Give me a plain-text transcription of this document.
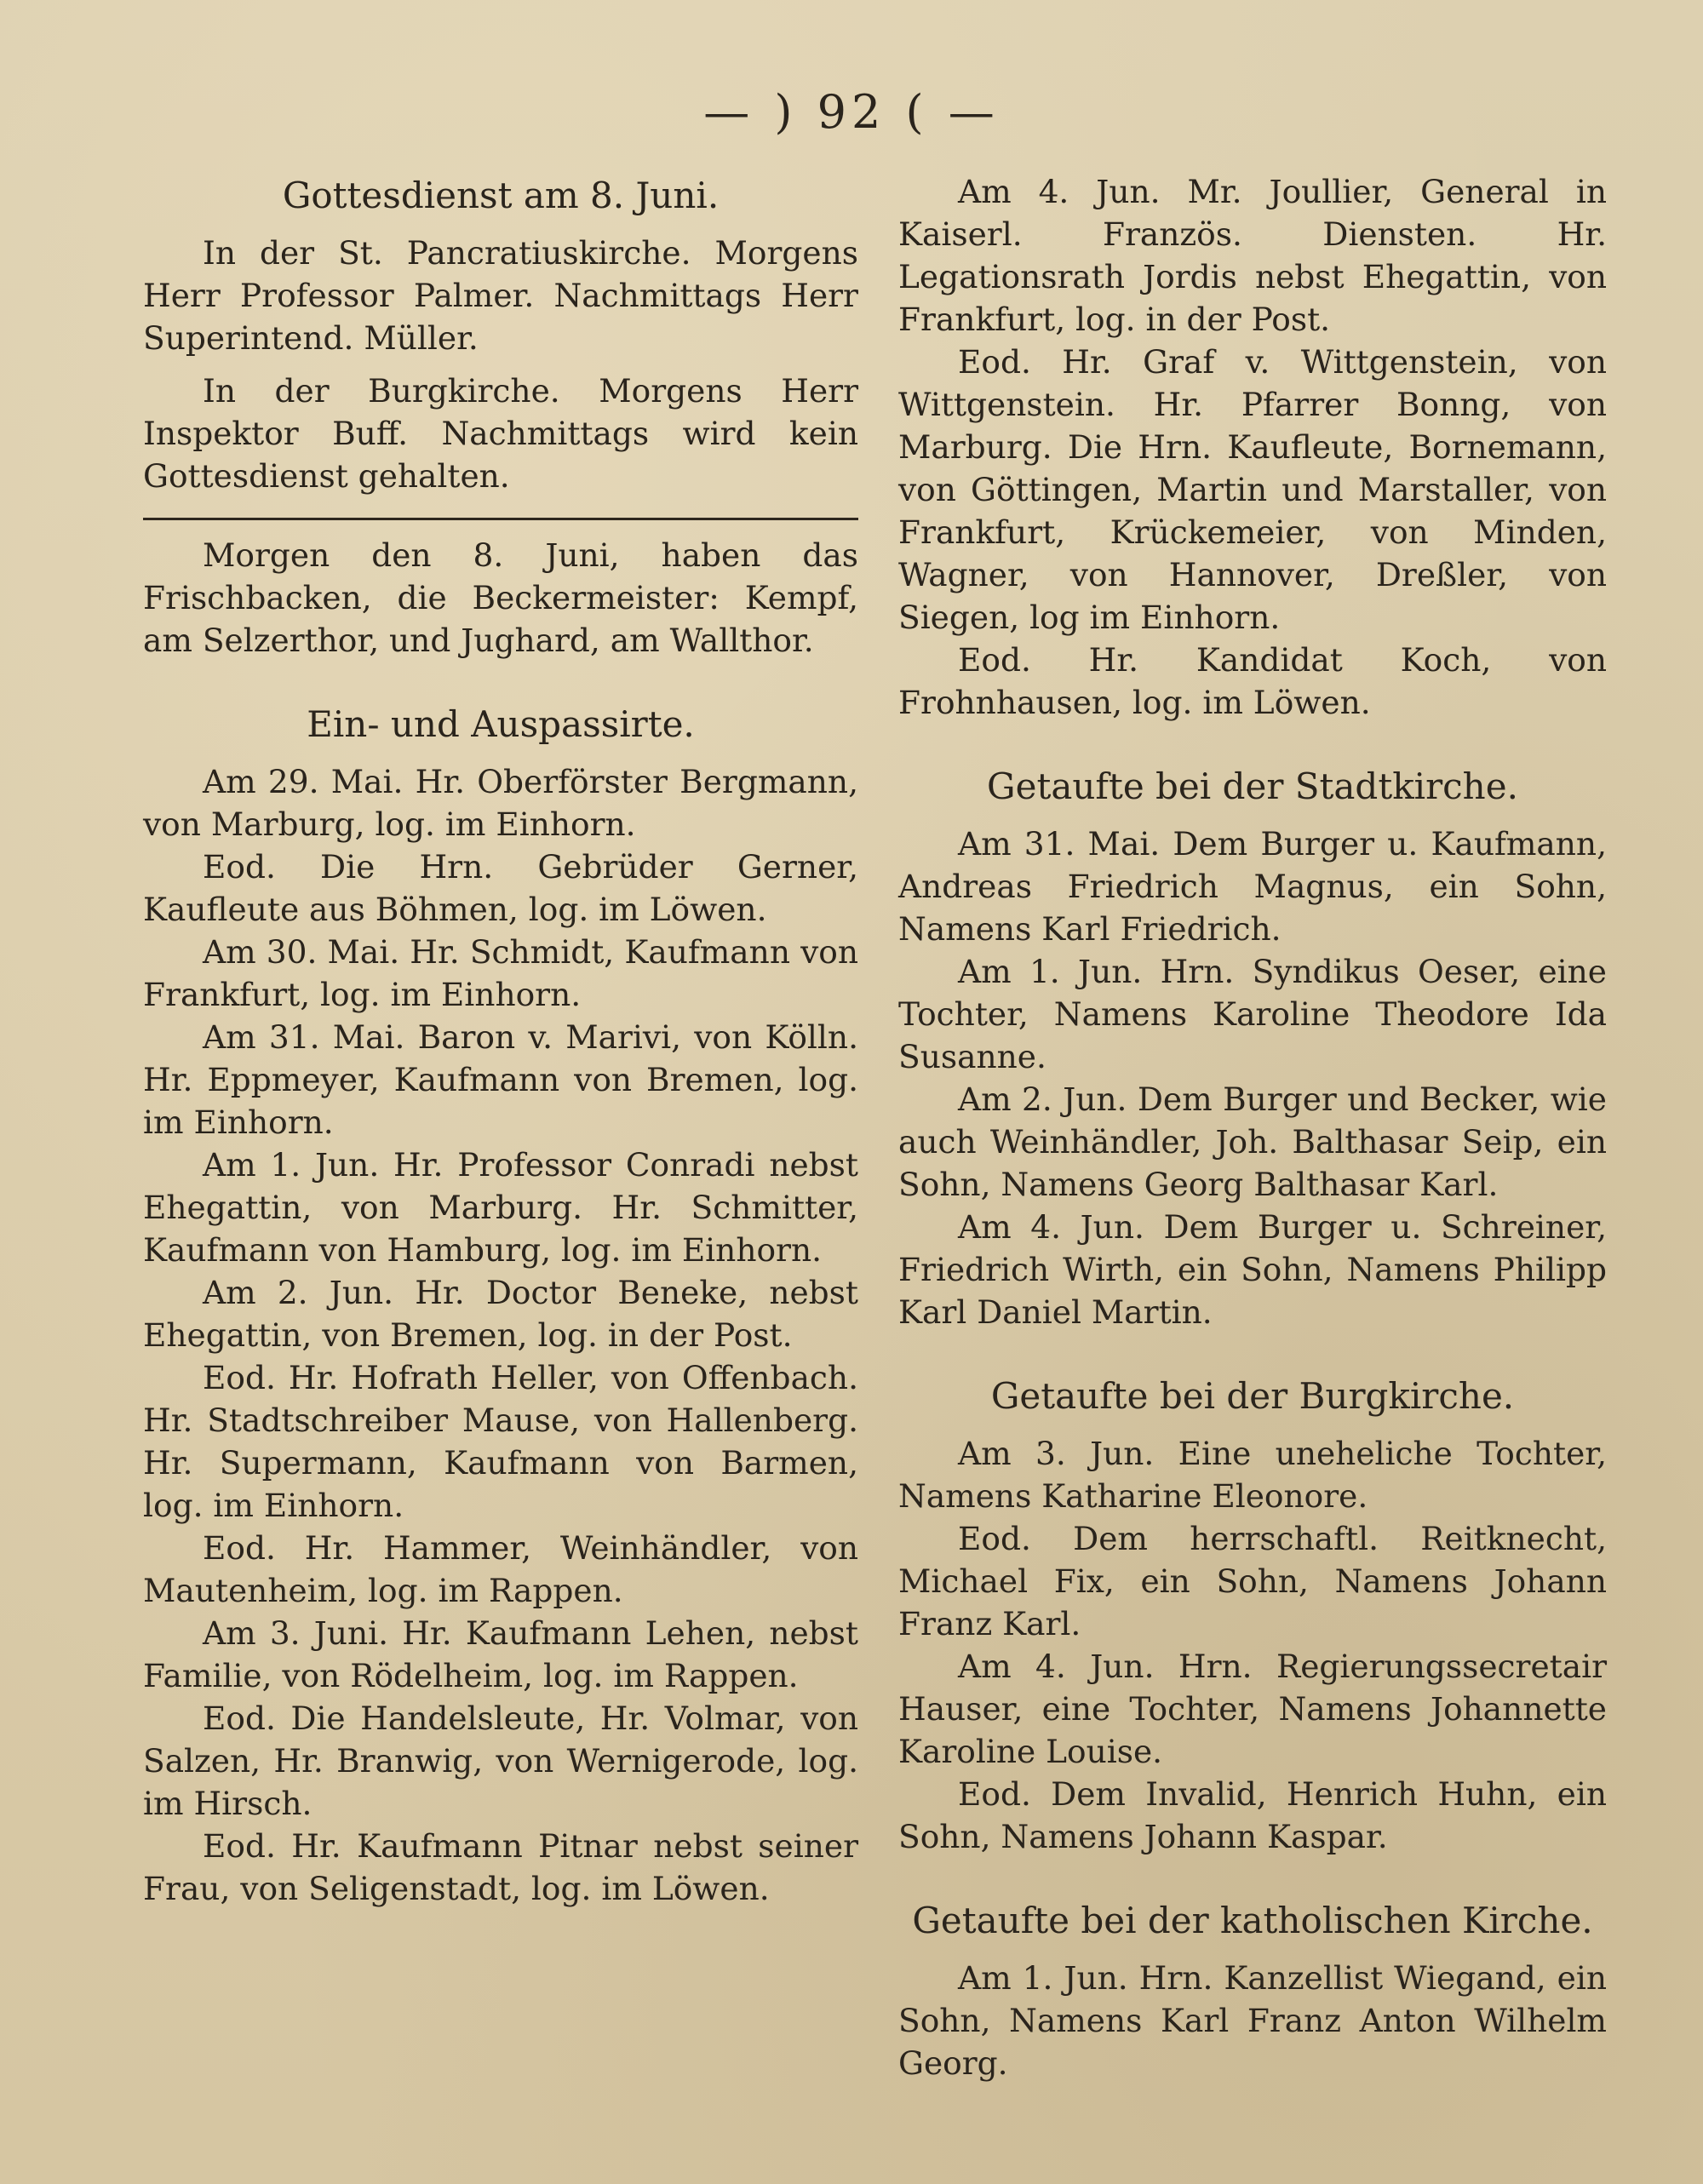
— ) 92 ( —
Gottesdienst am 8. Juni.

In der St. Pancratiuskirche. Morgens Herr Professor Palmer. Nachmittags Herr Superintend. Müller.

In der Burgkirche. Morgens Herr Inspektor Buff. Nachmittags wird kein Gottesdienst gehalten.

Morgen den 8. Juni, haben das Frischbacken, die Beckermeister: Kempf, am Selzerthor, und Jughard, am Wallthor.

Ein- und Auspassirte.

Am 29. Mai. Hr. Oberförster Bergmann, von Marburg, log. im Einhorn.

Eod. Die Hrn. Gebrüder Gerner, Kaufleute aus Böhmen, log. im Löwen.

Am 30. Mai. Hr. Schmidt, Kaufmann von Frankfurt, log. im Einhorn.

Am 31. Mai. Baron v. Marivi, von Kölln. Hr. Eppmeyer, Kaufmann von Bremen, log. im Einhorn.

Am 1. Jun. Hr. Professor Conradi nebst Ehegattin, von Marburg. Hr. Schmitter, Kaufmann von Hamburg, log. im Einhorn.

Am 2. Jun. Hr. Doctor Beneke, nebst Ehegattin, von Bremen, log. in der Post.

Eod. Hr. Hofrath Heller, von Offenbach. Hr. Stadtschreiber Mause, von Hallenberg. Hr. Supermann, Kaufmann von Barmen, log. im Einhorn.

Eod. Hr. Hammer, Weinhändler, von Mautenheim, log. im Rappen.

Am 3. Juni. Hr. Kaufmann Lehen, nebst Familie, von Rödelheim, log. im Rappen.

Eod. Die Handelsleute, Hr. Volmar, von Salzen, Hr. Branwig, von Wernigerode, log. im Hirsch.

Eod. Hr. Kaufmann Pitnar nebst seiner Frau, von Seligenstadt, log. im Löwen.

Am 4. Jun. Mr. Joullier, General in Kaiserl. Französ. Diensten. Hr. Legationsrath Jordis nebst Ehegattin, von Frankfurt, log. in der Post.

Eod. Hr. Graf v. Wittgenstein, von Wittgenstein. Hr. Pfarrer Bonng, von Marburg. Die Hrn. Kaufleute, Bornemann, von Göttingen, Martin und Marstaller, von Frankfurt, Krückemeier, von Minden, Wagner, von Hannover, Dreßler, von Siegen, log im Einhorn.

Eod. Hr. Kandidat Koch, von Frohnhausen, log. im Löwen.

Getaufte bei der Stadtkirche.

Am 31. Mai. Dem Burger u. Kaufmann, Andreas Friedrich Magnus, ein Sohn, Namens Karl Friedrich.

Am 1. Jun. Hrn. Syndikus Oeser, eine Tochter, Namens Karoline Theodore Ida Susanne.

Am 2. Jun. Dem Burger und Becker, wie auch Weinhändler, Joh. Balthasar Seip, ein Sohn, Namens Georg Balthasar Karl.

Am 4. Jun. Dem Burger u. Schreiner, Friedrich Wirth, ein Sohn, Namens Philipp Karl Daniel Martin.

Getaufte bei der Burgkirche.

Am 3. Jun. Eine uneheliche Tochter, Namens Katharine Eleonore.

Eod. Dem herrschaftl. Reitknecht, Michael Fix, ein Sohn, Namens Johann Franz Karl.

Am 4. Jun. Hrn. Regierungssecretair Hauser, eine Tochter, Namens Johannette Karoline Louise.

Eod. Dem Invalid, Henrich Huhn, ein Sohn, Namens Johann Kaspar.

Getaufte bei der katholischen Kirche.

Am 1. Jun. Hrn. Kanzellist Wiegand, ein Sohn, Namens Karl Franz Anton Wilhelm Georg.
